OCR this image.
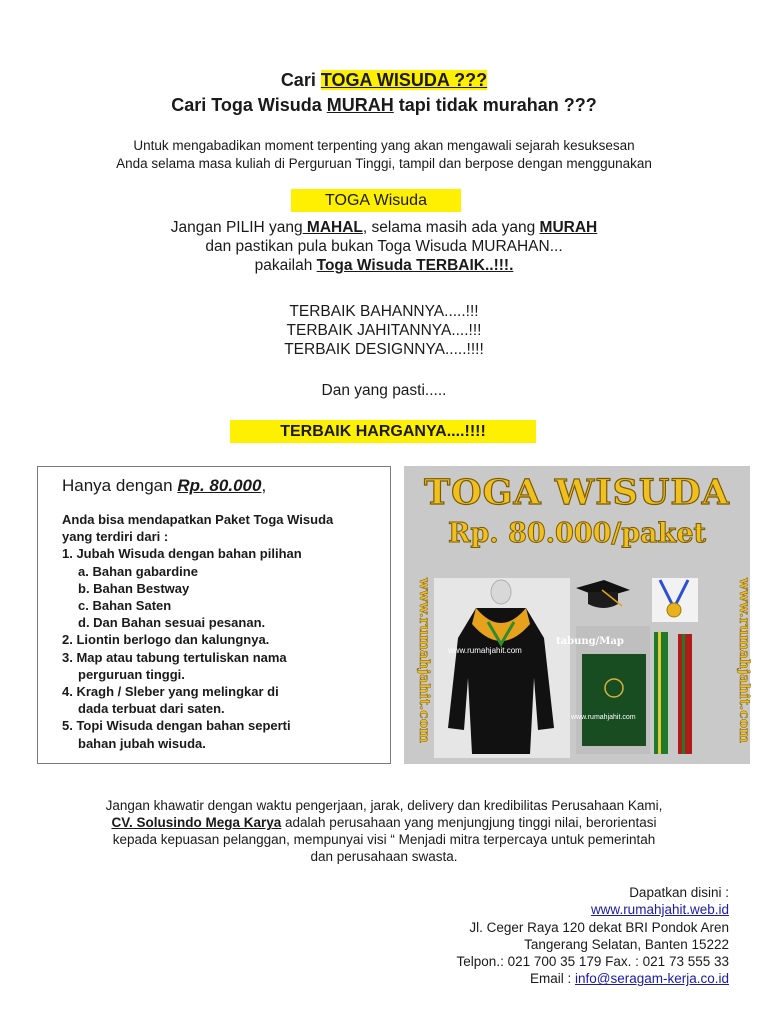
Cari TOGA WISUDA ???
Cari Toga Wisuda MURAH tapi tidak murahan ???
Untuk mengabadikan moment terpenting yang akan mengawali sejarah kesuksesan
Anda selama masa kuliah di Perguruan Tinggi, tampil dan berpose dengan menggunakan
TOGA Wisuda
Jangan PILIH yang MAHAL, selama masih ada yang MURAH
dan pastikan pula bukan Toga Wisuda MURAHAN...
pakailah Toga Wisuda TERBAIK..!!!.
TERBAIK BAHANNYA.....!!!
TERBAIK JAHITANNYA....!!!
TERBAIK DESIGNNYA.....!!!!
Dan yang pasti.....
TERBAIK HARGANYA....!!!!
Hanya dengan Rp. 80.000,
Anda bisa mendapatkan Paket Toga Wisuda
yang terdiri dari :
1. Jubah Wisuda dengan bahan pilihan
a. Bahan gabardine
b. Bahan Bestway
c. Bahan Saten
d. Dan Bahan sesuai pesanan.
2. Liontin berlogo dan kalungnya.
3. Map atau tabung tertuliskan nama
perguruan tinggi.
4. Kragh / Sleber yang melingkar di
dada terbuat dari saten.
5. Topi Wisuda dengan bahan seperti
bahan jubah wisuda.
TOGA WISUDA
Rp. 80.000/paket
www.rumahjahit.com	www.rumahjahit.com
www.rumahjahit.com
tabung/Map
www.rumahjahit.com
Jangan khawatir dengan waktu pengerjaan, jarak, delivery dan kredibilitas Perusahaan Kami,
CV. Solusindo Mega Karya adalah perusahaan yang menjungjung tinggi nilai, berorientasi
kepada kepuasan pelanggan, mempunyai visi “ Menjadi mitra terpercaya untuk pemerintah
dan perusahaan swasta.
Dapatkan disini :
www.rumahjahit.web.id
Jl. Ceger Raya 120 dekat BRI Pondok Aren
Tangerang Selatan, Banten 15222
Telpon.: 021 700 35 179 Fax. : 021 73 555 33
Email : info@seragam-kerja.co.id
